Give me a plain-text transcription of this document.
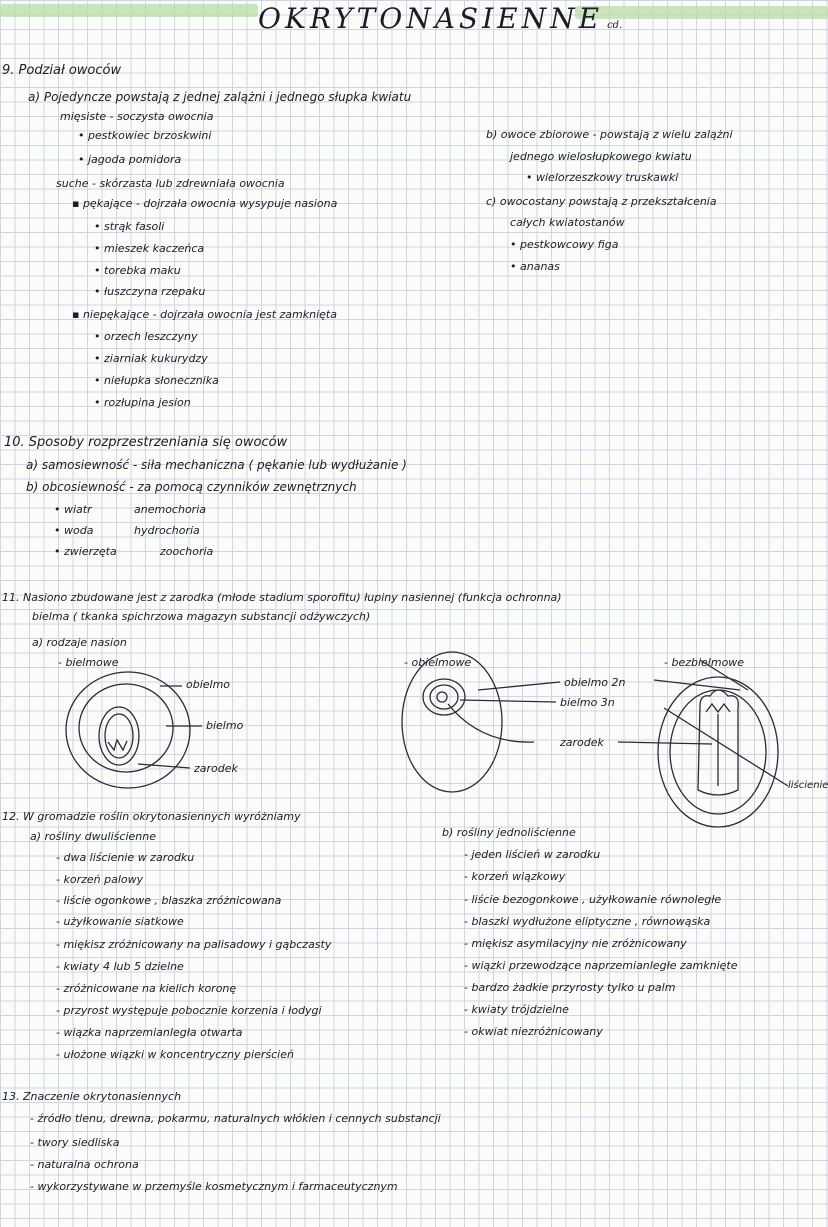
OKRYTONASIENNE cd.
9. Podział owoców
a) Pojedyncze powstają z jednej zalążni i jednego słupka kwiatu
mięsiste - soczysta owocnia
• pestkowiec brzoskwini
• jagoda pomidora
suche - skórzasta lub zdrewniała owocnia
▪ pękające - dojrzała owocnia wysypuje nasiona
• strąk fasoli
• mieszek kaczeńca
• torebka maku
• łuszczyna rzepaku
▪ niepękające - dojrzała owocnia jest zamknięta
• orzech leszczyny
• ziarniak kukurydzy
• niełupka słonecznika
• rozłupina jesion
b) owoce zbiorowe - powstają z wielu zalążni
jednego wielosłupkowego kwiatu
• wielorzeszkowy truskawki
c) owocostany powstają z przekształcenia
całych kwiatostanów
• pestkowcowy figa
• ananas
10. Sposoby rozprzestrzeniania się owoców
a) samosiewność - siła mechaniczna ( pękanie lub wydłużanie )
b) obcosiewność - za pomocą czynników zewnętrznych
• wiatr	anemochoria
• woda	hydrochoria
• zwierzęta	zoochoria
11. Nasiono zbudowane jest z zarodka (młode stadium sporofitu) łupiny nasiennej (funkcja ochronna)
bielma ( tkanka spichrzowa magazyn substancji odżywczych)
a) rodzaje nasion
- bielmowe	- obielmowe	- bezbielmowe
obielmo
bielmo
zarodek
obielmo 2n
bielmo 3n
zarodek
liścienie
12. W gromadzie roślin okrytonasiennych wyróżniamy
a) rośliny dwuliścienne
- dwa liścienie w zarodku
- korzeń palowy
- liście ogonkowe , blaszka zróżnicowana
- użyłkowanie siatkowe
- miękisz zróżnicowany na palisadowy i gąbczasty
- kwiaty 4 lub 5 dzielne
- zróżnicowane na kielich koronę
- przyrost występuje pobocznie korzenia i łodygi
- wiązka naprzemianległa otwarta
- ułożone wiązki w koncentryczny pierścień
b) rośliny jednoliścienne
- jeden liścień w zarodku
- korzeń wiązkowy
- liście bezogonkowe , użyłkowanie równoległe
- blaszki wydłużone eliptyczne , równowąska
- miękisz asymilacyjny nie zróżnicowany
- wiązki przewodzące naprzemianległe zamknięte
- bardzo żadkie przyrosty tylko u palm
- kwiaty trójdzielne
- okwiat niezróżnicowany
13. Znaczenie okrytonasiennych
- źródło tlenu, drewna, pokarmu, naturalnych włókien i cennych substancji
- twory siedliska
- naturalna ochrona
- wykorzystywane w przemyśle kosmetycznym i farmaceutycznym
